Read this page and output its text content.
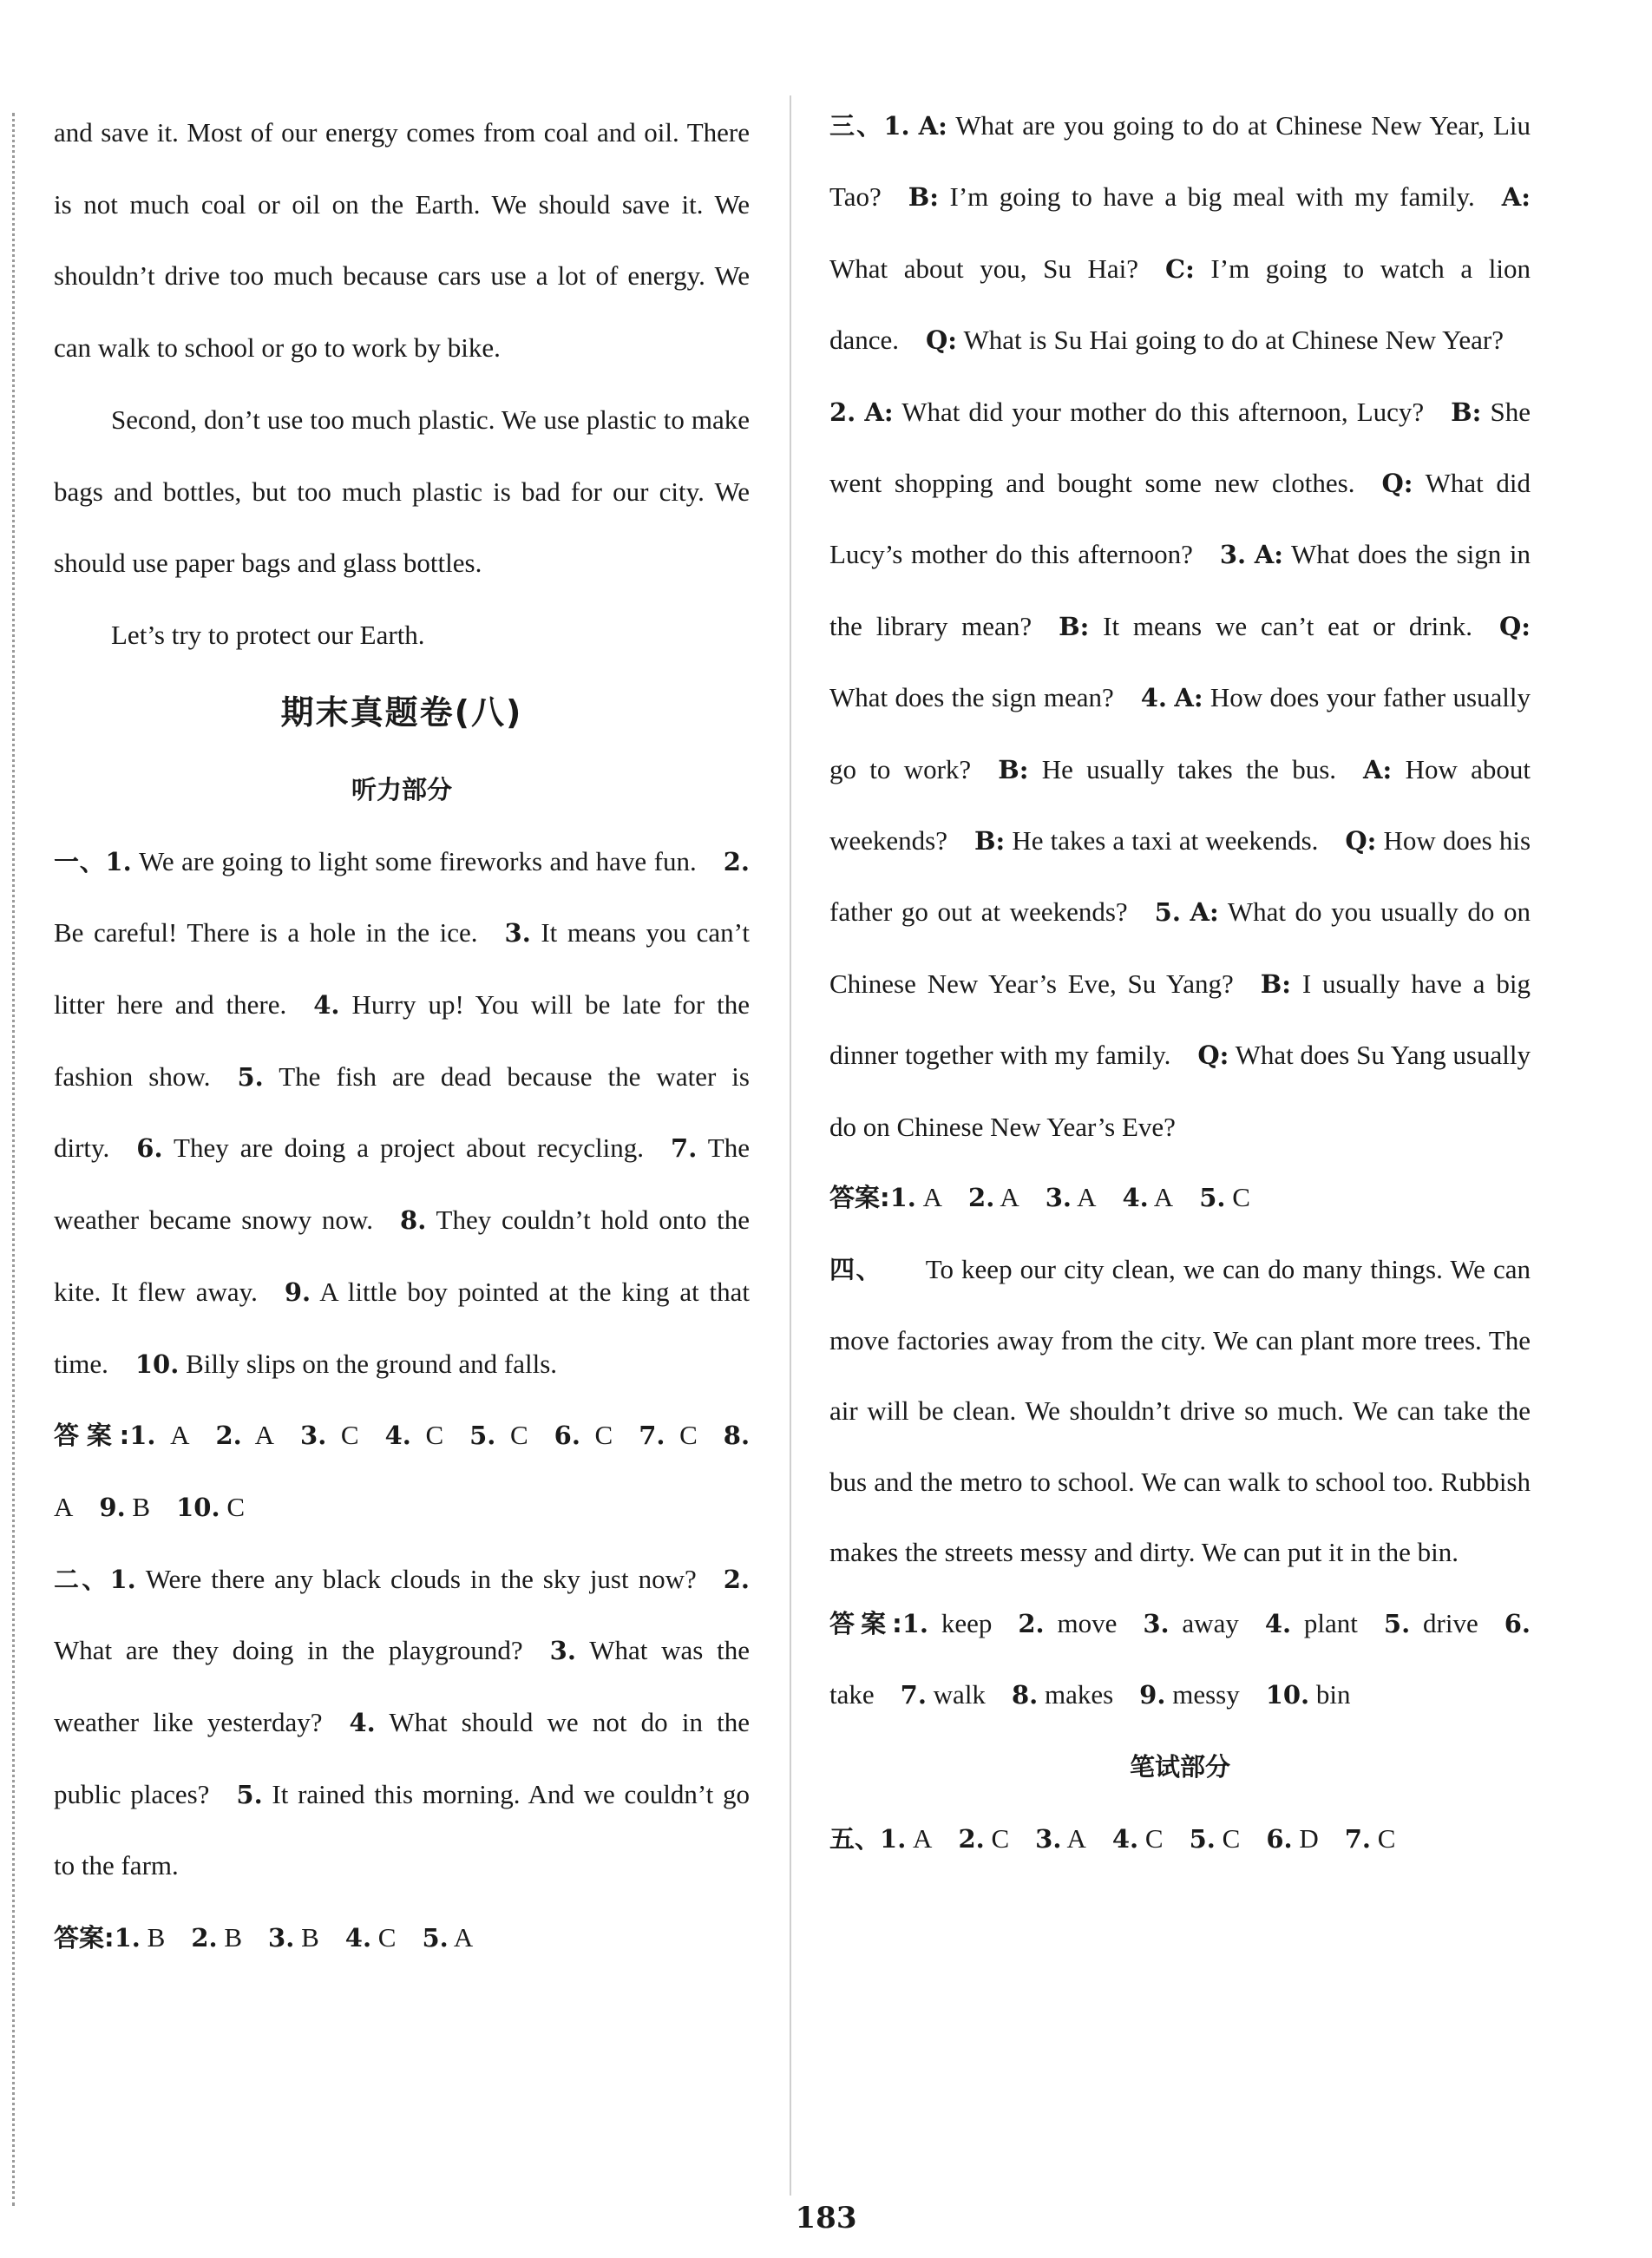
and save it. Most of our energy comes from coal and oil. There is not much coal or oil on the Earth. We should save it. We shouldn’t drive too much because cars use a lot of energy. We can walk to school or go to work by bike.

Second, don’t use too much plastic. We use plastic to make bags and bottles, but too much plastic is bad for our city. We should use paper bags and glass bottles.

Let’s try to protect our Earth.

期末真题卷(八)
听力部分

一、1. We are going to light some fireworks and have fun.  2. Be careful! There is a hole in the ice.  3. It means you can’t litter here and there.  4. Hurry up! You will be late for the fashion show.  5. The fish are dead because the water is dirty.  6. They are doing a project about recycling.  7. The weather became snowy now.  8. They couldn’t hold onto the kite. It flew away.  9. A little boy pointed at the king at that time.  10. Billy slips on the ground and falls.

答案:1. A 2. A 3. C 4. C 5. C 6. C 7. C 8. A 9. B 10. C

二、1. Were there any black clouds in the sky just now?  2. What are they doing in the playground?  3. What was the weather like yesterday?  4. What should we not do in the public places?  5. It rained this morning. And we couldn’t go to the farm.

答案:1. B 2. B 3. B 4. C 5. A

三、1. A: What are you going to do at Chinese New Year, Liu Tao?  B: I’m going to have a big meal with my family.  A: What about you, Su Hai?  C: I’m going to watch a lion dance.  Q: What is Su Hai going to do at Chinese New Year? 2. A: What did your mother do this afternoon, Lucy?  B: She went shopping and bought some new clothes.  Q: What did Lucy’s mother do this afternoon?  3. A: What does the sign in the library mean?  B: It means we can’t eat or drink.  Q: What does the sign mean?  4. A: How does your father usually go to work?  B: He usually takes the bus.  A: How about weekends?  B: He takes a taxi at weekends.  Q: How does his father go out at weekends?  5. A: What do you usually do on Chinese New Year’s Eve, Su Yang?  B: I usually have a big dinner together with my family.  Q: What does Su Yang usually do on Chinese New Year’s Eve? 

答案:1. A 2. A 3. A 4. A 5. C

四、 To keep our city clean, we can do many things. We can move factories away from the city. We can plant more trees. The air will be clean. We shouldn’t drive so much. We can take the bus and the metro to school. We can walk to school too. Rubbish makes the streets messy and dirty. We can put it in the bin.

答案:1. keep 2. move 3. away 4. plant 5. drive 6. take 7. walk 8. makes 9. messy 10. bin

笔试部分

五、1. A 2. C 3. A 4. C 5. C 6. D 7. C

183
